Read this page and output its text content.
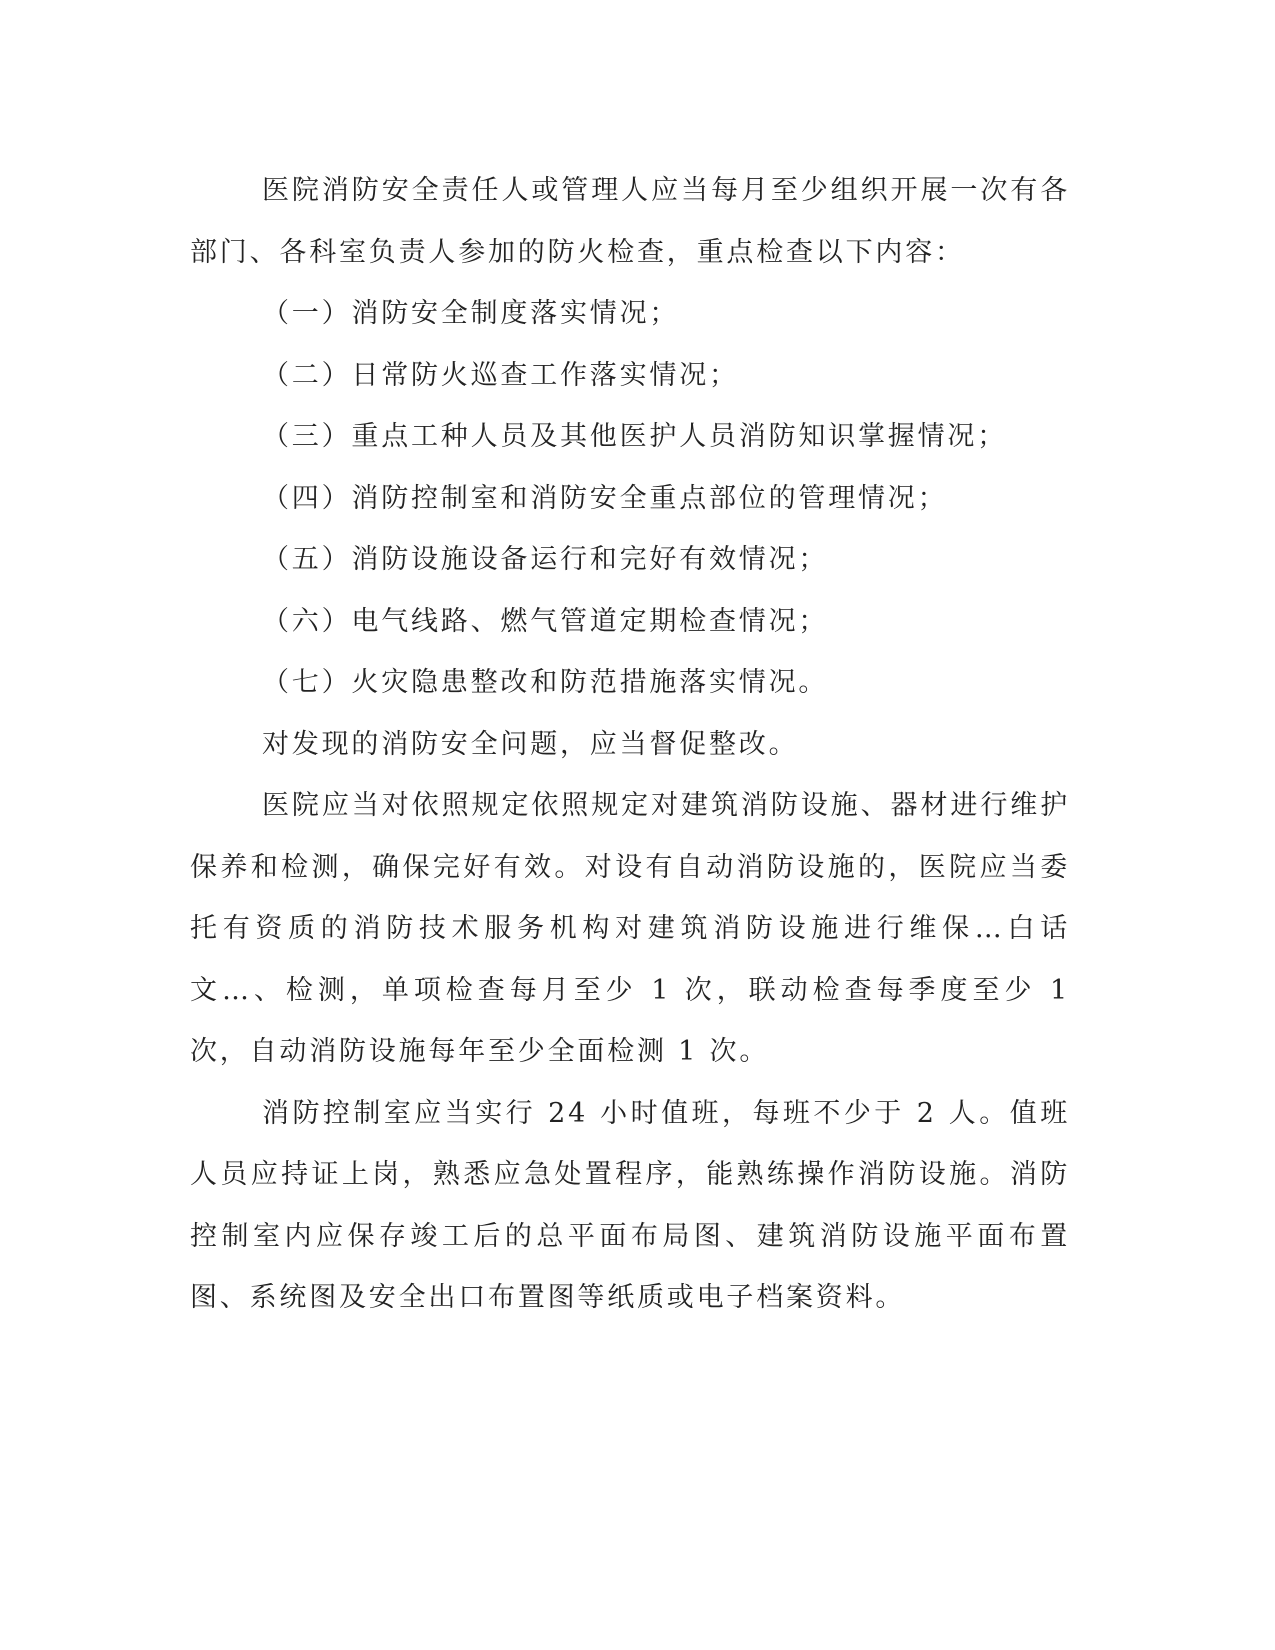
医院消防安全责任人或管理人应当每月至少组织开展一次有各部门、各科室负责人参加的防火检查，重点检查以下内容：

（一）消防安全制度落实情况；

（二）日常防火巡查工作落实情况；

（三）重点工种人员及其他医护人员消防知识掌握情况；

（四）消防控制室和消防安全重点部位的管理情况；

（五）消防设施设备运行和完好有效情况；

（六）电气线路、燃气管道定期检查情况；

（七）火灾隐患整改和防范措施落实情况。

对发现的消防安全问题，应当督促整改。

医院应当对依照规定依照规定对建筑消防设施、器材进行维护保养和检测，确保完好有效。对设有自动消防设施的，医院应当委托有资质的消防技术服务机构对建筑消防设施进行维保…白话文…、检测，单项检查每月至少 1 次，联动检查每季度至少 1 次，自动消防设施每年至少全面检测 1 次。

消防控制室应当实行 24 小时值班，每班不少于 2 人。值班人员应持证上岗，熟悉应急处置程序，能熟练操作消防设施。消防控制室内应保存竣工后的总平面布局图、建筑消防设施平面布置图、系统图及安全出口布置图等纸质或电子档案资料。
